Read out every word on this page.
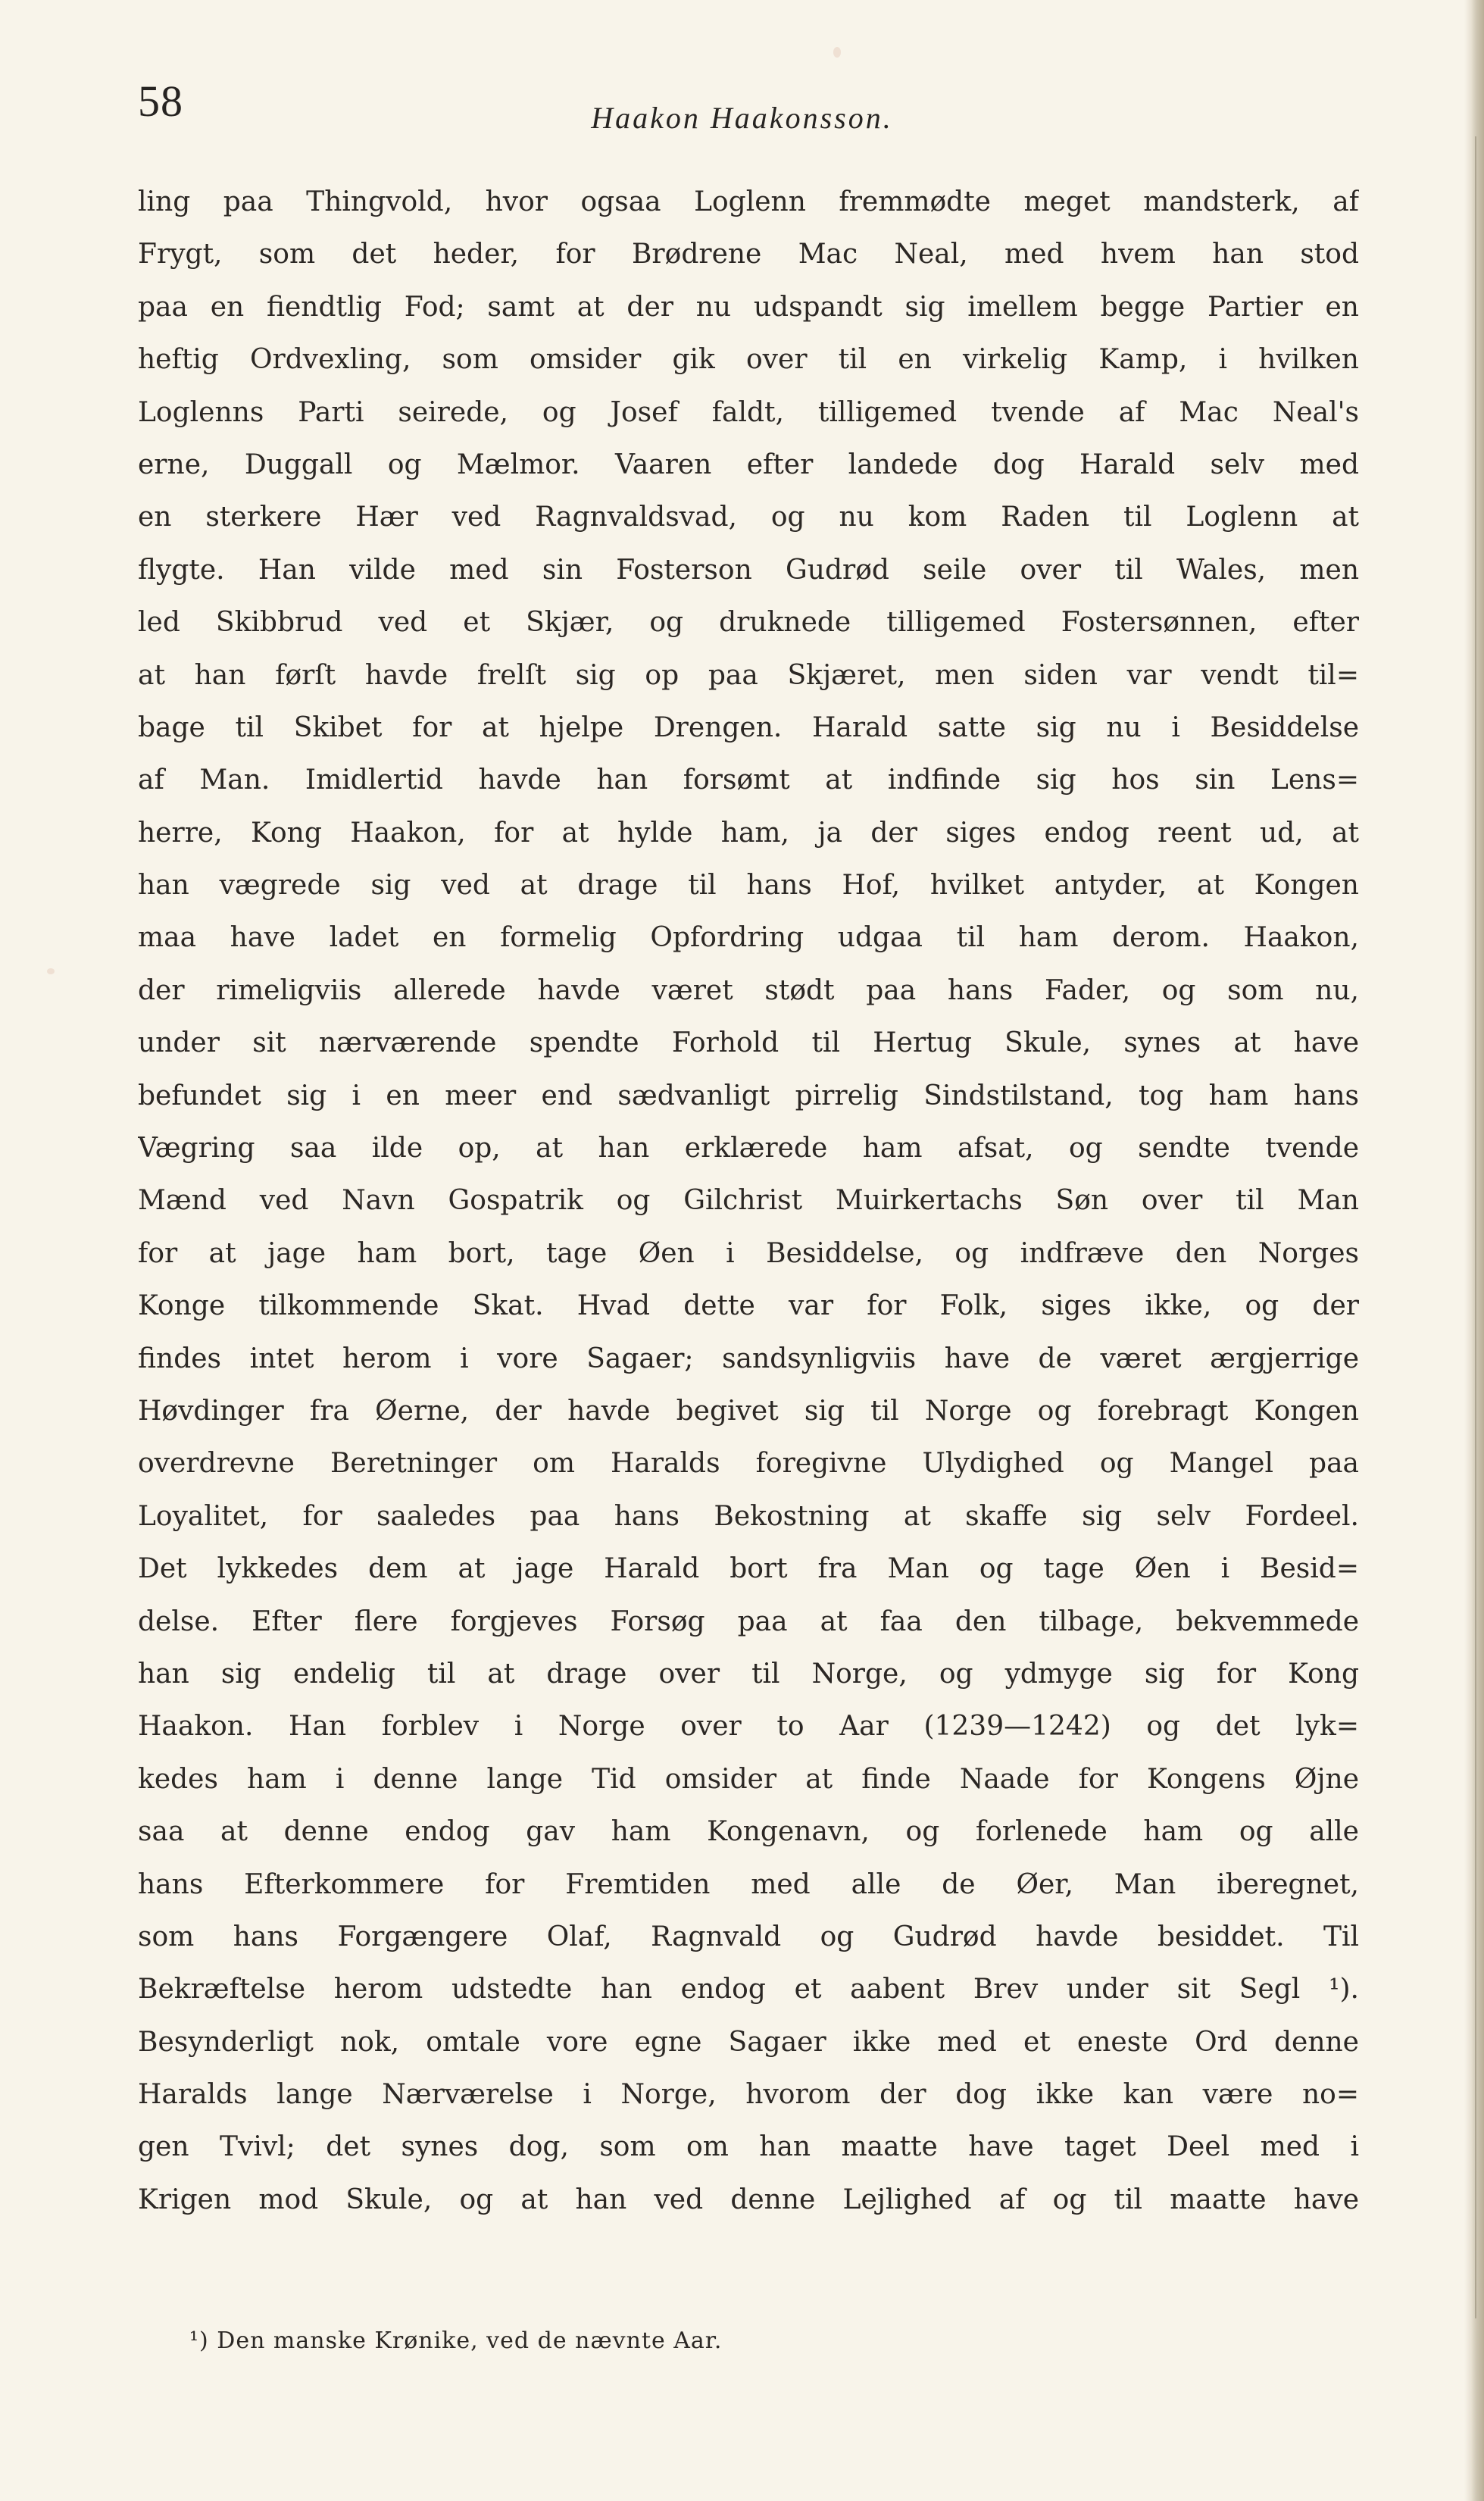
58	Haakon Haakonsson.
ling paa Thingvold, hvor ogsaa Loglenn fremmødte meget mandsterk, af
Frygt, som det heder, for Brødrene Mac Neal, med hvem han stod
paa en fiendtlig Fod; samt at der nu udspandt sig imellem begge Partier en
heftig Ordvexling, som omsider gik over til en virkelig Kamp, i hvilken
Loglenns Parti seirede, og Josef faldt, tilligemed tvende af Mac Neal's
erne, Duggall og Mælmor. Vaaren efter landede dog Harald selv med
en sterkere Hær ved Ragnvaldsvad, og nu kom Raden til Loglenn at
flygte. Han vilde med sin Fosterson Gudrød seile over til Wales, men
led Skibbrud ved et Skjær, og druknede tilligemed Fostersønnen, efter
at han førſt havde frelſt sig op paa Skjæret, men siden var vendt til=
bage til Skibet for at hjelpe Drengen. Harald satte sig nu i Besiddelse
af Man. Imidlertid havde han forsømt at indfinde sig hos sin Lens=
herre, Kong Haakon, for at hylde ham, ja der siges endog reent ud, at
han vægrede sig ved at drage til hans Hof, hvilket antyder, at Kongen
maa have ladet en formelig Opfordring udgaa til ham derom. Haakon,
der rimeligviis allerede havde været stødt paa hans Fader, og som nu,
under sit nærværende spendte Forhold til Hertug Skule, synes at have
befundet sig i en meer end sædvanligt pirrelig Sindstilstand, tog ham hans
Vægring saa ilde op, at han erklærede ham afsat, og sendte tvende
Mænd ved Navn Gospatrik og Gilchrist Muirkertachs Søn over til Man
for at jage ham bort, tage Øen i Besiddelse, og indfræve den Norges
Konge tilkommende Skat. Hvad dette var for Folk, siges ikke, og der
findes intet herom i vore Sagaer; sandsynligviis have de været ærgjerrige
Høvdinger fra Øerne, der havde begivet sig til Norge og forebragt Kongen
overdrevne Beretninger om Haralds foregivne Ulydighed og Mangel paa
Loyalitet, for saaledes paa hans Bekostning at skaffe sig selv Fordeel.
Det lykkedes dem at jage Harald bort fra Man og tage Øen i Besid=
delse. Efter flere forgjeves Forsøg paa at faa den tilbage, bekvemmede
han sig endelig til at drage over til Norge, og ydmyge sig for Kong
Haakon. Han forblev i Norge over to Aar (1239—1242) og det lyk=
kedes ham i denne lange Tid omsider at finde Naade for Kongens Øjne
saa at denne endog gav ham Kongenavn, og forlenede ham og alle
hans Efterkommere for Fremtiden med alle de Øer, Man iberegnet,
som hans Forgængere Olaf, Ragnvald og Gudrød havde besiddet. Til
Bekræftelse herom udstedte han endog et aabent Brev under sit Segl ¹).
Besynderligt nok, omtale vore egne Sagaer ikke med et eneste Ord denne
Haralds lange Nærværelse i Norge, hvorom der dog ikke kan være no=
gen Tvivl; det synes dog, som om han maatte have taget Deel med i
Krigen mod Skule, og at han ved denne Lejlighed af og til maatte have
¹) Den manske Krønike, ved de nævnte Aar.
